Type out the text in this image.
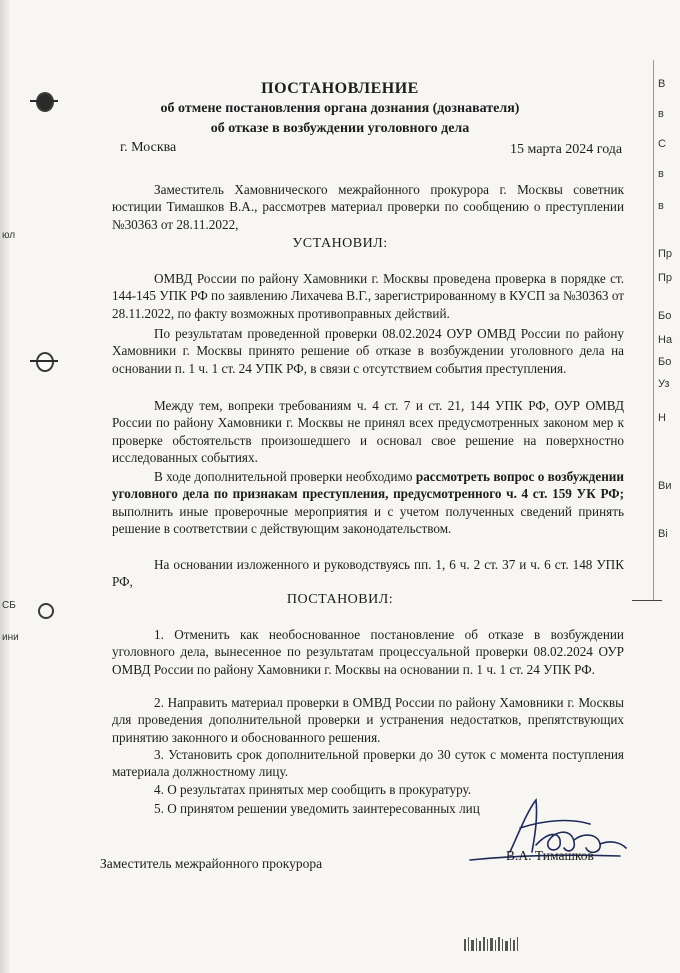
юл
СБ
ини
В
в
С
в
в
Пр
Пр
Бо
На
Бо
Уз
Н
Ви
Ві
ПОСТАНОВЛЕНИЕ
об отмене постановления органа дознания (дознавателя)
об отказе в возбуждении уголовного дела
г. Москва	15 марта 2024 года

Заместитель Хамовнического межрайонного прокурора г. Москвы советник юстиции Тимашков В.А., рассмотрев материал проверки по сообщению о преступлении №30363 от 28.11.2022,

УСТАНОВИЛ:

ОМВД России по району Хамовники г. Москвы проведена проверка в порядке ст. 144-145 УПК РФ по заявлению Лихачева В.Г., зарегистрированному в КУСП за №30363 от 28.11.2022, по факту возможных противоправных действий.

По результатам проведенной проверки 08.02.2024 ОУР ОМВД России по району Хамовники г. Москвы принято решение об отказе в возбуждении уголовного дела на основании п. 1 ч. 1 ст. 24 УПК РФ, в связи с отсутствием события преступления.

Между тем, вопреки требованиям ч. 4 ст. 7 и ст. 21, 144 УПК РФ, ОУР ОМВД России по району Хамовники г. Москвы не принял всех предусмотренных законом мер к проверке обстоятельств произошедшего и основал свое решение на поверхностно исследованных событиях.

В ходе дополнительной проверки необходимо рассмотреть вопрос о возбуждении уголовного дела по признакам преступления, предусмотренного ч. 4 ст. 159 УК РФ; выполнить иные проверочные мероприятия и с учетом полученных сведений принять решение в соответствии с действующим законодательством.

На основании изложенного и руководствуясь пп. 1, 6 ч. 2 ст. 37 и ч. 6 ст. 148 УПК РФ,

ПОСТАНОВИЛ:

1. Отменить как необоснованное постановление об отказе в возбуждении уголовного дела, вынесенное по результатам процессуальной проверки 08.02.2024 ОУР ОМВД России по району Хамовники г. Москвы на основании п. 1 ч. 1 ст. 24 УПК РФ.

2. Направить материал проверки в ОМВД России по району Хамовники г. Москвы для проведения дополнительной проверки и устранения недостатков, препятствующих принятию законного и обоснованного решения.

3. Установить срок дополнительной проверки до 30 суток с момента поступления материала должностному лицу.

4. О результатах принятых мер сообщить в прокуратуру.

5. О принятом решении уведомить заинтересованных лиц

Заместитель межрайонного прокурора
В.А. Тимашков
